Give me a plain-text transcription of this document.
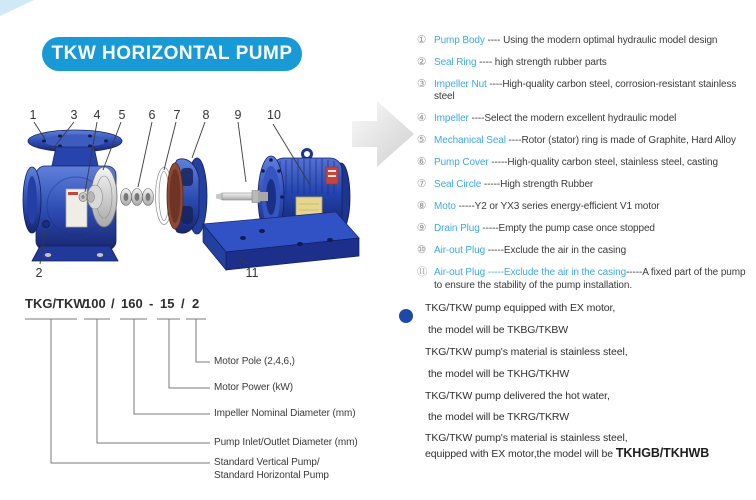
TKW HORIZONTAL PUMP
1	3 4 5 6 7 8 9 10
2	11
① Pump Body ---- Using the modern optimal hydraulic model design
② Seal Ring ---- high strength rubber parts
③ Impeller Nut ----High-quality carbon steel, corrosion-resistant stainless steel
④ Impeller ----Select the modern excellent hydraulic model
⑤ Mechanical Seal ----Rotor (stator) ring is made of Graphite, Hard Alloy
⑥ Pump Cover -----High-quality carbon steel, stainless steel, casting
⑦ Seal Circle -----High strength Rubber
⑧ Moto -----Y2 or YX3 series energy-efficient V1 motor
⑨ Drain Plug -----Empty the pump case once stopped
⑩ Air-out Plug -----Exclude the air in the casing
⑪ Air-out Plug -----Exclude the air in the casing-----A fixed part of the pump to ensure the stability of the pump installation.
TKG/TKW
100 / 160 - 15 / 2
Motor Pole (2,4,6,)
Motor Power (kW)
Impeller Nominal Diameter (mm)
Pump Inlet/Outlet Diameter (mm)
Standard Vertical Pump/
Standard Horizontal Pump
TKG/TKW pump equipped with EX motor,
the model will be TKBG/TKBW
TKG/TKW pump's material is stainless steel,
the model will be TKHG/TKHW
TKG/TKW pump delivered the hot water,
the model will be TKRG/TKRW
TKG/TKW pump's material is stainless steel,
equipped with EX motor,the model will be TKHGB/TKHWB
